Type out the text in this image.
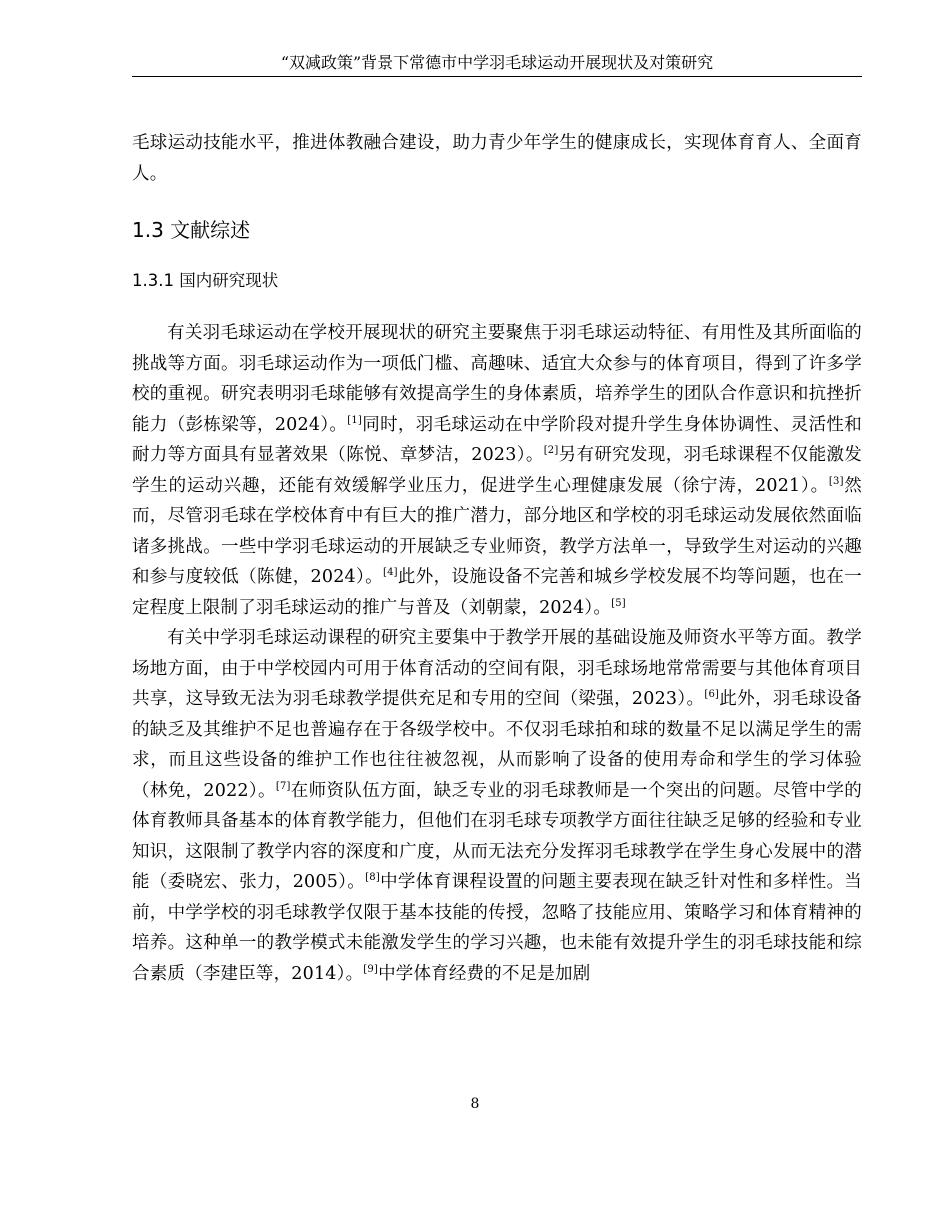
“双减政策”背景下常德市中学羽毛球运动开展现状及对策研究

毛球运动技能水平，推进体教融合建设，助力青少年学生的健康成长，实现体育育人、全面育人。

1.3 文献综述
1.3.1 国内研究现状

有关羽毛球运动在学校开展现状的研究主要聚焦于羽毛球运动特征、有用性及其所面临的挑战等方面。羽毛球运动作为一项低门槛、高趣味、适宜大众参与的体育项目，得到了许多学校的重视。研究表明羽毛球能够有效提高学生的身体素质，培养学生的团队合作意识和抗挫折能力（彭栋梁等，2024）。[1]同时，羽毛球运动在中学阶段对提升学生身体协调性、灵活性和耐力等方面具有显著效果（陈悦、章梦洁，2023）。[2]另有研究发现，羽毛球课程不仅能激发学生的运动兴趣，还能有效缓解学业压力，促进学生心理健康发展（徐宁涛，2021）。[3]然而，尽管羽毛球在学校体育中有巨大的推广潜力，部分地区和学校的羽毛球运动发展依然面临诸多挑战。一些中学羽毛球运动的开展缺乏专业师资，教学方法单一，导致学生对运动的兴趣和参与度较低（陈健，2024）。[4]此外，设施设备不完善和城乡学校发展不均等问题，也在一定程度上限制了羽毛球运动的推广与普及（刘朝蒙，2024）。[5]

有关中学羽毛球运动课程的研究主要集中于教学开展的基础设施及师资水平等方面。教学场地方面，由于中学校园内可用于体育活动的空间有限，羽毛球场地常常需要与其他体育项目共享，这导致无法为羽毛球教学提供充足和专用的空间（梁强，2023）。[6]此外，羽毛球设备的缺乏及其维护不足也普遍存在于各级学校中。不仅羽毛球拍和球的数量不足以满足学生的需求，而且这些设备的维护工作也往往被忽视，从而影响了设备的使用寿命和学生的学习体验（林免，2022）。[7]在师资队伍方面，缺乏专业的羽毛球教师是一个突出的问题。尽管中学的体育教师具备基本的体育教学能力，但他们在羽毛球专项教学方面往往缺乏足够的经验和专业知识，这限制了教学内容的深度和广度，从而无法充分发挥羽毛球教学在学生身心发展中的潜能（委晓宏、张力，2005）。[8]中学体育课程设置的问题主要表现在缺乏针对性和多样性。当前，中学学校的羽毛球教学仅限于基本技能的传授，忽略了技能应用、策略学习和体育精神的培养。这种单一的教学模式未能激发学生的学习兴趣，也未能有效提升学生的羽毛球技能和综合素质（李建臣等，2014）。[9]中学体育经费的不足是加剧

8
